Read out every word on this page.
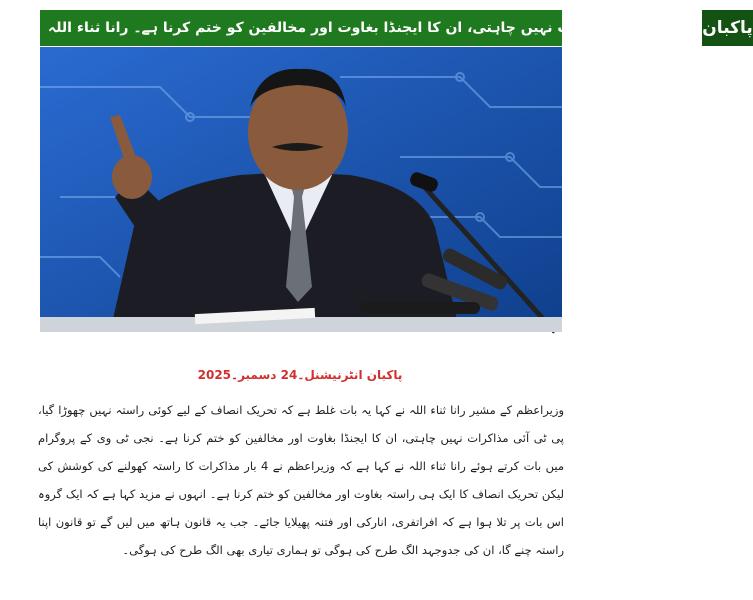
پاکبان
پی ٹی آئی مذاکرات نہیں چاہتی، ان کا ایجنڈا بغاوت اور مخالفین کو ختم کرنا ہے۔ رانا ثناء اللہ
پاکبان انٹرنیشنل۔24 دسمبر۔2025
وزیراعظم کے مشیر رانا ثناء اللہ نے کہا یہ بات غلط ہے کہ تحریک انصاف کے لیے کوئی راستہ نہیں چھوڑا گیا، پی ٹی آئی مذاکرات نہیں چاہتی، ان کا ایجنڈا بغاوت اور مخالفین کو ختم کرنا ہے۔ نجی ٹی وی کے پروگرام میں بات کرتے ہوئے رانا ثناء اللہ نے کہا ہے کہ وزیراعظم نے 4 بار مذاکرات کا راستہ کھولنے کی کوشش کی لیکن تحریک انصاف کا ایک ہی راستہ بغاوت اور مخالفین کو ختم کرنا ہے۔ انہوں نے مزید کہا ہے کہ ایک گروہ اس بات پر تلا ہوا ہے کہ افراتفری، انارکی اور فتنہ پھیلایا جائے۔ جب یہ قانون ہاتھ میں لیں گے تو قانون اپنا راستہ چنے گا، ان کی جدوجہد الگ طرح کی ہوگی تو ہماری تیاری بھی الگ طرح کی ہوگی۔
